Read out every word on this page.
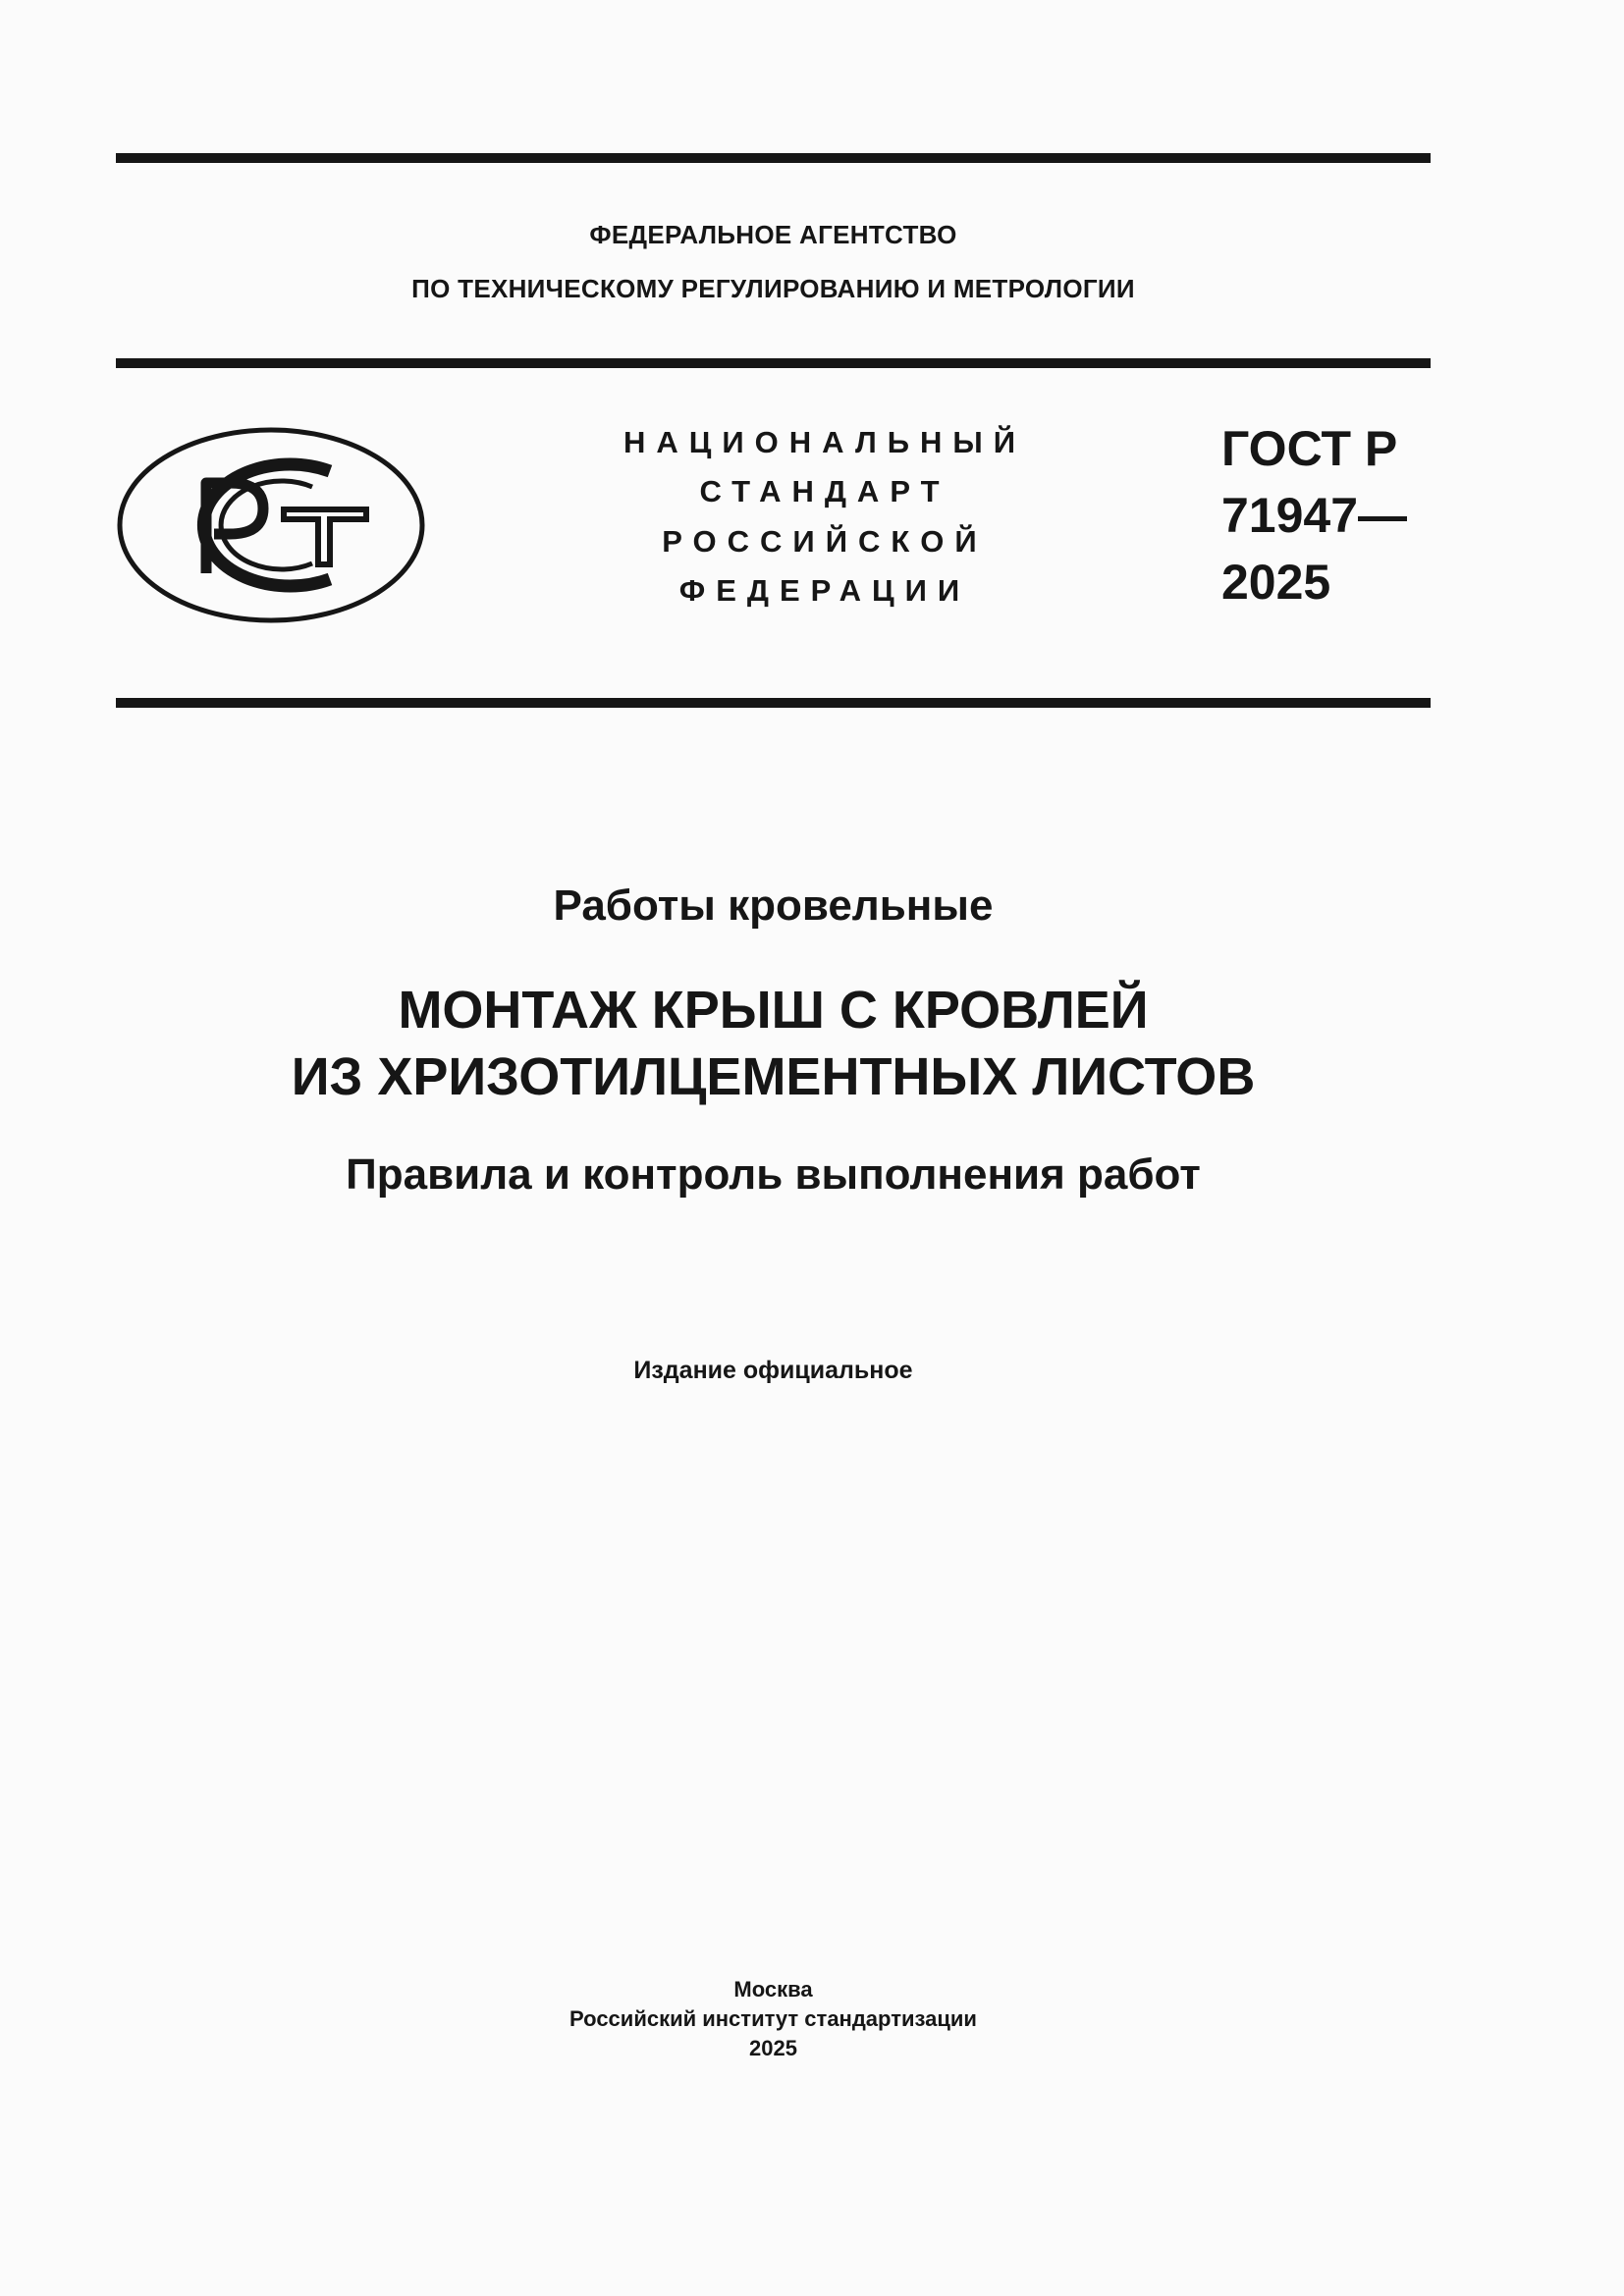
ФЕДЕРАЛЬНОЕ АГЕНТСТВО
ПО ТЕХНИЧЕСКОМУ РЕГУЛИРОВАНИЮ И МЕТРОЛОГИИ
НАЦИОНАЛЬНЫЙ
СТАНДАРТ
РОССИЙСКОЙ
ФЕДЕРАЦИИ
ГОСТ Р
71947—
2025
Работы кровельные
МОНТАЖ КРЫШ С КРОВЛЕЙ
ИЗ ХРИЗОТИЛЦЕМЕНТНЫХ ЛИСТОВ
Правила и контроль выполнения работ
Издание официальное
Москва
Российский институт стандартизации
2025
